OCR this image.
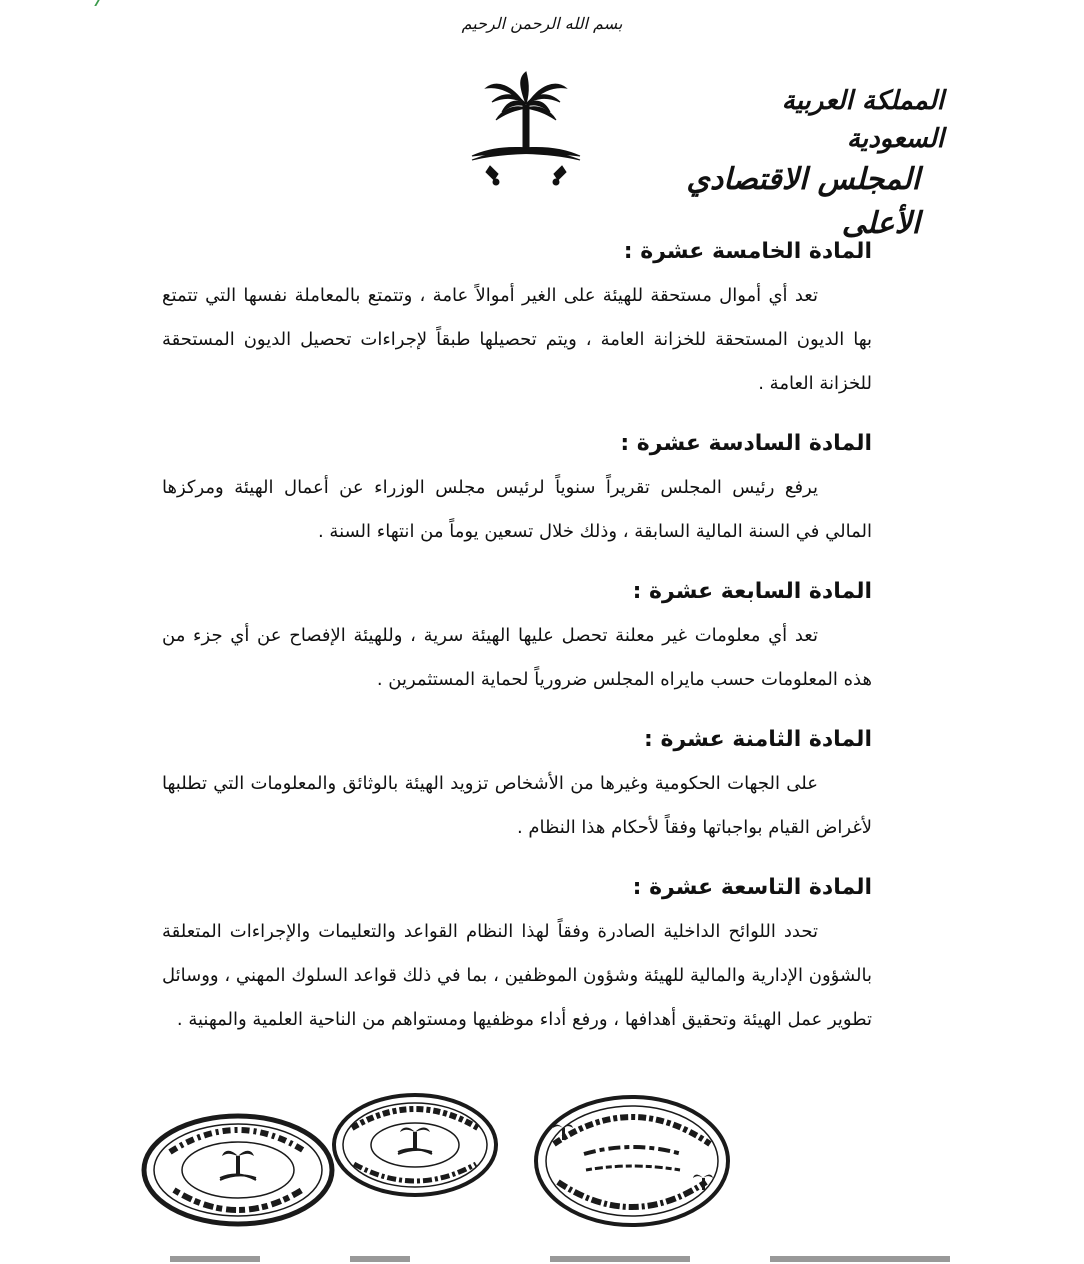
بسم الله الرحمن الرحيم
المملكة العربية السعودية
المجلس الاقتصادي الأعلى

المادة الخامسة عشرة :

تعد أي أموال مستحقة للهيئة على الغير أموالاً عامة ، وتتمتع بالمعاملة نفسها التي تتمتع بها الديون المستحقة للخزانة العامة ، ويتم تحصيلها طبقاً لإجراءات تحصيل الديون المستحقة للخزانة العامة .

المادة السادسة عشرة :

يرفع رئيس المجلس تقريراً سنوياً لرئيس مجلس الوزراء عن أعمال الهيئة ومركزها المالي في السنة المالية السابقة ، وذلك خلال تسعين يوماً من انتهاء السنة .

المادة السابعة عشرة :

تعد أي معلومات غير معلنة تحصل عليها الهيئة سرية ، وللهيئة الإفصاح عن أي جزء من هذه المعلومات حسب مايراه المجلس ضرورياً لحماية المستثمرين .

المادة الثامنة عشرة :

على الجهات الحكومية وغيرها من الأشخاص تزويد الهيئة بالوثائق والمعلومات التي تطلبها لأغراض القيام بواجباتها وفقاً لأحكام هذا النظام .

المادة التاسعة عشرة :

تحدد اللوائح الداخلية الصادرة وفقاً لهذا النظام القواعد والتعليمات والإجراءات المتعلقة بالشؤون الإدارية والمالية للهيئة وشؤون الموظفين ، بما في ذلك قواعد السلوك المهني ، ووسائل تطوير عمل الهيئة وتحقيق أهدافها ، ورفع أداء موظفيها ومستواهم من الناحية العلمية والمهنية .
